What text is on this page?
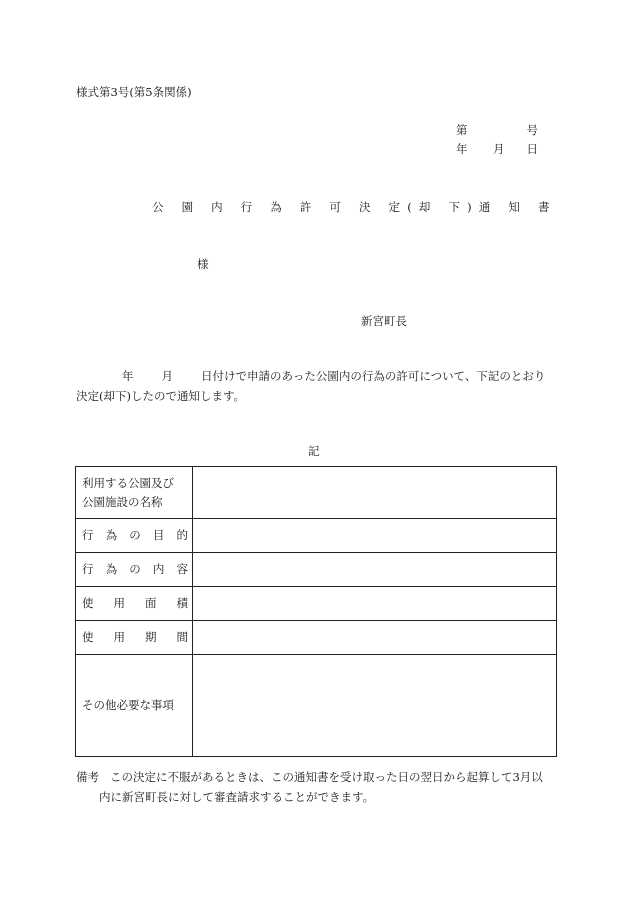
様式第3号(第5条関係)
第	号
年 月 日
公 園 内 行 為 許 可 決 定(却 下)通 知 書
様
新宮町長
年 月 日付けで申請のあった公園内の行為の許可について、下記のとおり
決定(却下)したので通知します。
記
利用する公園及び
公園施設の名称	

行 為 の 目 的	

行 為 の 内 容	

使 用 面 積	

使 用 期 間	

その他必要な事項	
備考 この決定に不服があるときは、この通知書を受け取った日の翌日から起算して3月以
内に新宮町長に対して審査請求することができます。
